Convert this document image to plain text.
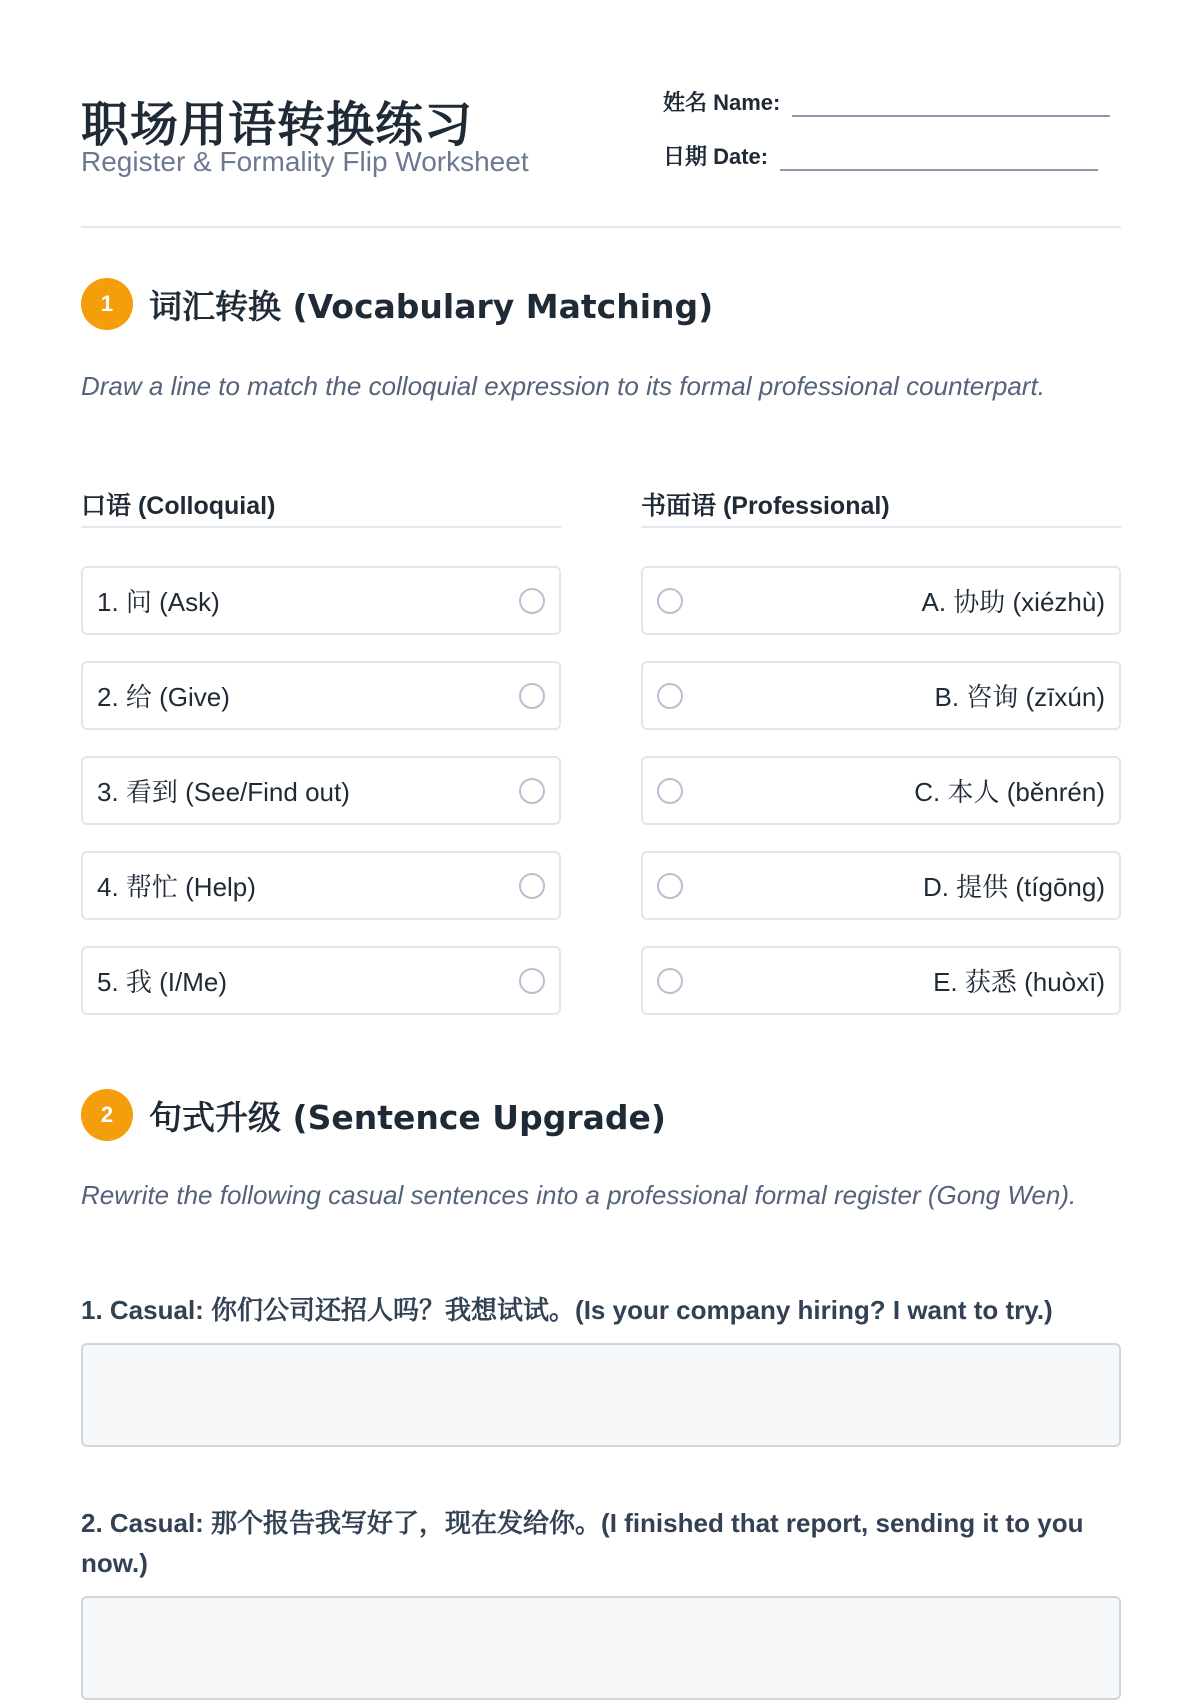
职场用语转换练习
Register & Formality Flip Worksheet
姓名 Name:
日期 Date:
1	词汇转换 (Vocabulary Matching)
Draw a line to match the colloquial expression to its formal professional counterpart.
口语 (Colloquial)
1. 问 (Ask)
2. 给 (Give)
3. 看到 (See/Find out)
4. 帮忙 (Help)
5. 我 (I/Me)
书面语 (Professional)
A. 协助 (xiézhù)
B. 咨询 (zīxún)
C. 本人 (běnrén)
D. 提供 (tígōng)
E. 获悉 (huòxī)
2	句式升级 (Sentence Upgrade)
Rewrite the following casual sentences into a professional formal register (Gong Wen).
1. Casual: 你们公司还招人吗？我想试试。(Is your company hiring? I want to try.)
2. Casual: 那个报告我写好了，现在发给你。(I finished that report, sending it to you now.)
